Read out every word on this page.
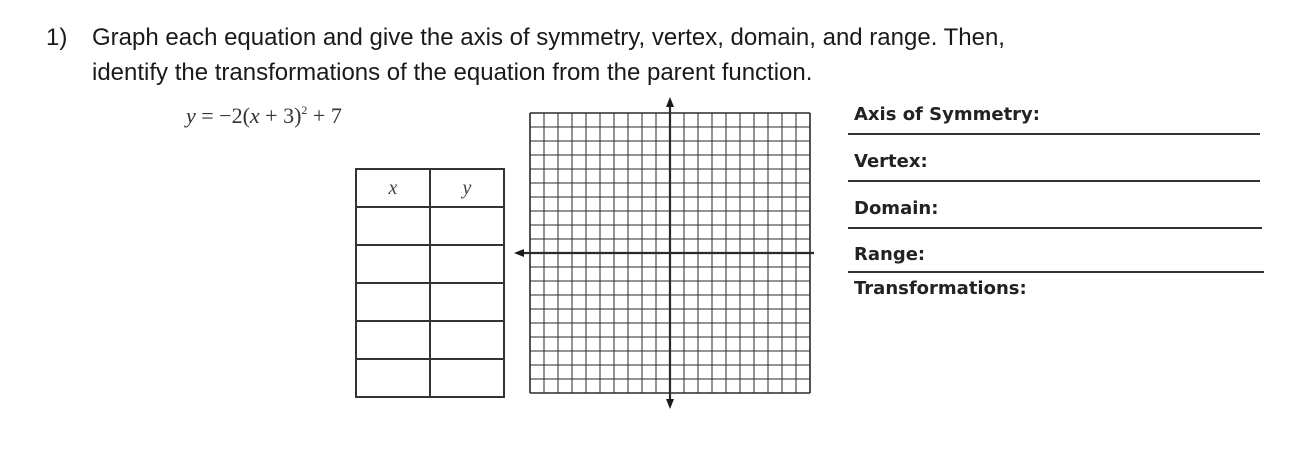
1) Graph each equation and give the axis of symmetry, vertex, domain, and range. Then,
identify the transformations of the equation from the parent function.
$y = -2(x + 3)^2 + 7$
x	y

Axis of Symmetry:
Vertex:
Domain:
Range:
Transformations:
